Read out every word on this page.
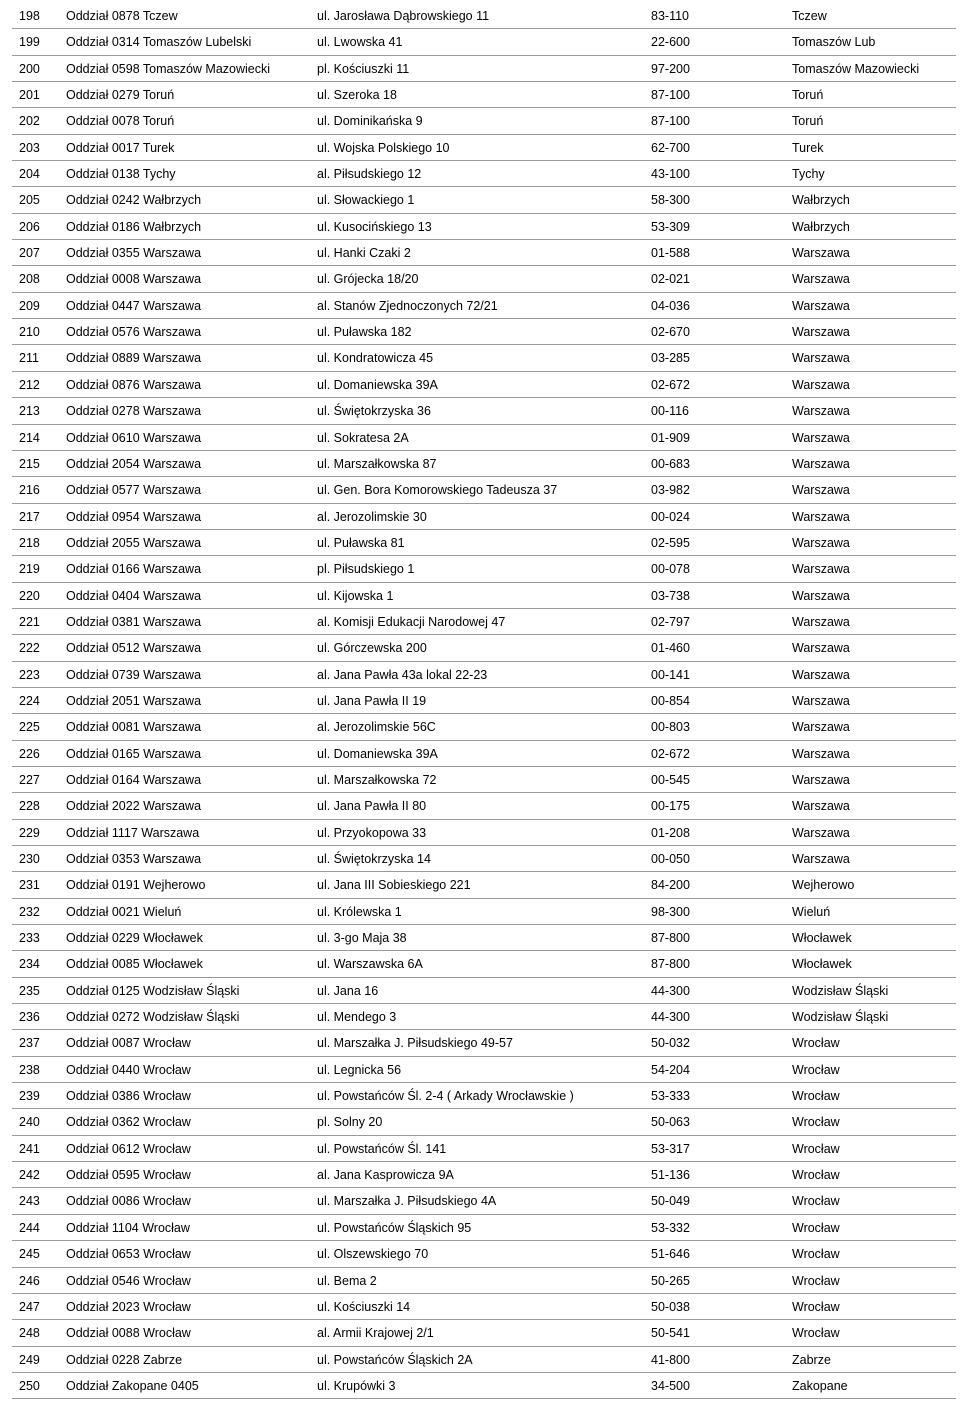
198 Oddział 0878 Tczew	ul. Jarosława Dąbrowskiego 11	83-110	Tczew
199 Oddział 0314 Tomaszów Lubelski	ul. Lwowska 41	22-600	Tomaszów Lub
200 Oddział 0598 Tomaszów Mazowiecki	pl. Kościuszki 11	97-200	Tomaszów Mazowiecki
201 Oddział 0279 Toruń	ul. Szeroka 18	87-100	Toruń
202 Oddział 0078 Toruń	ul. Dominikańska 9	87-100	Toruń
203 Oddział 0017 Turek	ul. Wojska Polskiego 10	62-700	Turek
204 Oddział 0138 Tychy	al. Piłsudskiego 12	43-100	Tychy
205 Oddział 0242 Wałbrzych	ul. Słowackiego 1	58-300	Wałbrzych
206 Oddział 0186 Wałbrzych	ul. Kusocińskiego 13	53-309	Wałbrzych
207 Oddział 0355 Warszawa	ul. Hanki Czaki 2	01-588	Warszawa
208 Oddział 0008 Warszawa	ul. Grójecka 18/20	02-021	Warszawa
209 Oddział 0447 Warszawa	al. Stanów Zjednoczonych 72/21	04-036	Warszawa
210 Oddział 0576 Warszawa	ul. Puławska 182	02-670	Warszawa
211 Oddział 0889 Warszawa	ul. Kondratowicza 45	03-285	Warszawa
212 Oddział 0876 Warszawa	ul. Domaniewska 39A	02-672	Warszawa
213 Oddział 0278 Warszawa	ul. Świętokrzyska 36	00-116	Warszawa
214 Oddział 0610 Warszawa	ul. Sokratesa 2A	01-909	Warszawa
215 Oddział 2054 Warszawa	ul. Marszałkowska 87	00-683	Warszawa
216 Oddział 0577 Warszawa	ul. Gen. Bora Komorowskiego Tadeusza 37	03-982	Warszawa
217 Oddział 0954 Warszawa	al. Jerozolimskie 30	00-024	Warszawa
218 Oddział 2055 Warszawa	ul. Puławska 81	02-595	Warszawa
219 Oddział 0166 Warszawa	pl. Piłsudskiego 1	00-078	Warszawa
220 Oddział 0404 Warszawa	ul. Kijowska 1	03-738	Warszawa
221 Oddział 0381 Warszawa	al. Komisji Edukacji Narodowej 47	02-797	Warszawa
222 Oddział 0512 Warszawa	ul. Górczewska 200	01-460	Warszawa
223 Oddział 0739 Warszawa	al. Jana Pawła 43a lokal 22-23	00-141	Warszawa
224 Oddział 2051 Warszawa	ul. Jana Pawła II 19	00-854	Warszawa
225 Oddział 0081 Warszawa	al. Jerozolimskie 56C	00-803	Warszawa
226 Oddział 0165 Warszawa	ul. Domaniewska 39A	02-672	Warszawa
227 Oddział 0164 Warszawa	ul. Marszałkowska 72	00-545	Warszawa
228 Oddział 2022 Warszawa	ul. Jana Pawła II 80	00-175	Warszawa
229 Oddział 1117 Warszawa	ul. Przyokopowa 33	01-208	Warszawa
230 Oddział 0353 Warszawa	ul. Świętokrzyska 14	00-050	Warszawa
231 Oddział 0191 Wejherowo	ul. Jana III Sobieskiego 221	84-200	Wejherowo
232 Oddział 0021 Wieluń	ul. Królewska 1	98-300	Wieluń
233 Oddział 0229 Włocławek	ul. 3-go Maja 38	87-800	Włocławek
234 Oddział 0085 Włocławek	ul. Warszawska 6A	87-800	Włocławek
235 Oddział 0125 Wodzisław Śląski	ul. Jana 16	44-300	Wodzisław Śląski
236 Oddział 0272 Wodzisław Śląski	ul. Mendego 3	44-300	Wodzisław Śląski
237 Oddział 0087 Wrocław	ul. Marszałka J. Piłsudskiego 49-57	50-032	Wrocław
238 Oddział 0440 Wrocław	ul. Legnicka 56	54-204	Wrocław
239 Oddział 0386 Wrocław	ul. Powstańców Śl. 2-4 ( Arkady Wrocławskie )	53-333	Wrocław
240 Oddział 0362 Wrocław	pl. Solny 20	50-063	Wrocław
241 Oddział 0612 Wrocław	ul. Powstańców Śl. 141	53-317	Wrocław
242 Oddział 0595 Wrocław	al. Jana Kasprowicza 9A	51-136	Wrocław
243 Oddział 0086 Wrocław	ul. Marszałka J. Piłsudskiego 4A	50-049	Wrocław
244 Oddział 1104 Wrocław	ul. Powstańców Śląskich 95	53-332	Wrocław
245 Oddział 0653 Wrocław	ul. Olszewskiego 70	51-646	Wrocław
246 Oddział 0546 Wrocław	ul. Bema 2	50-265	Wrocław
247 Oddział 2023 Wrocław	ul. Kościuszki 14	50-038	Wrocław
248 Oddział 0088 Wrocław	al. Armii Krajowej 2/1	50-541	Wrocław
249 Oddział 0228 Zabrze	ul. Powstańców Śląskich 2A	41-800	Zabrze
250 Oddział Zakopane 0405	ul. Krupówki 3	34-500	Zakopane
